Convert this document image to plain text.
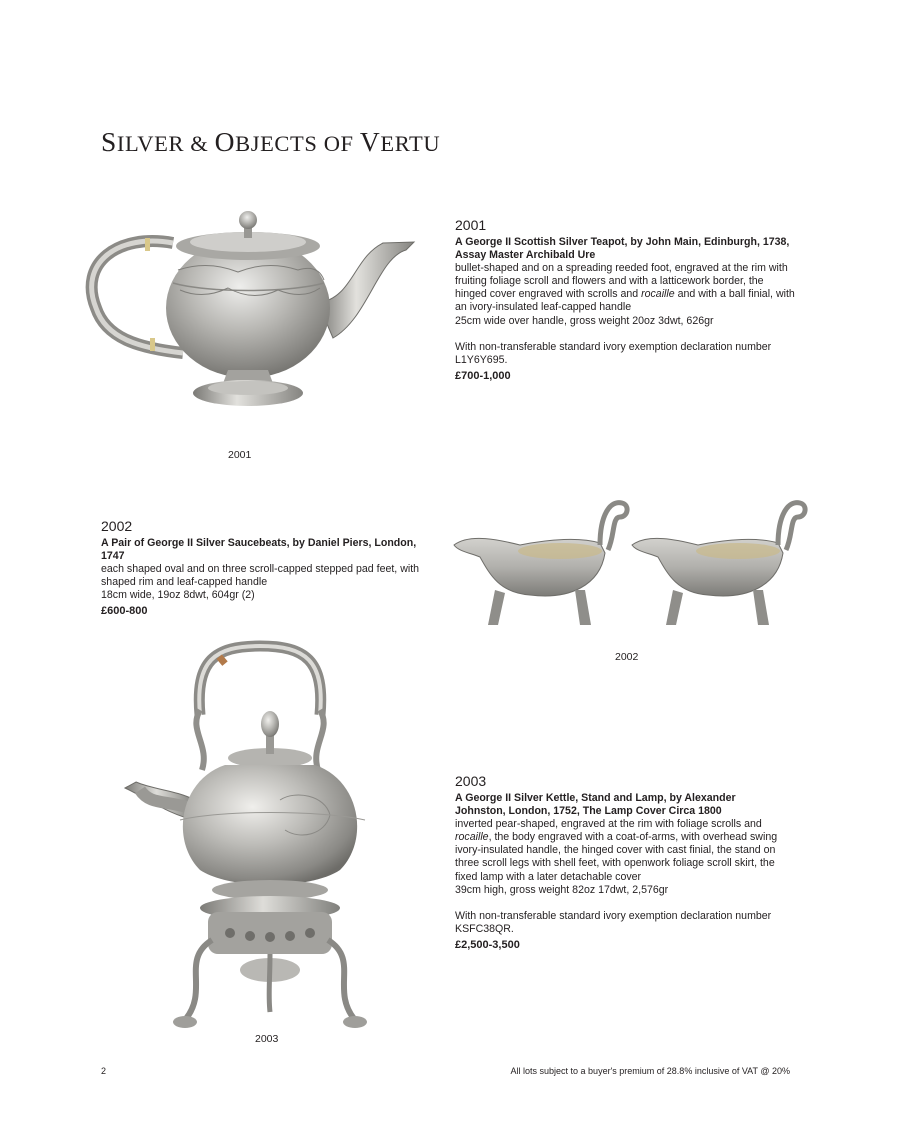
SILVER & OBJECTS OF VERTU
2001
2001
A George II Scottish Silver Teapot, by John Main, Edinburgh, 1738, Assay Master Archibald Ure
bullet-shaped and on a spreading reeded foot, engraved at the rim with fruiting foliage scroll and flowers and with a latticework border, the hinged cover engraved with scrolls and rocaille and with a ball finial, with an ivory-insulated leaf-capped handle
25cm wide over handle, gross weight 20oz 3dwt, 626gr
With non-transferable standard ivory exemption declaration number L1Y6Y695.
£700-1,000
2002
A Pair of George II Silver Saucebeats, by Daniel Piers, London, 1747
each shaped oval and on three scroll-capped stepped pad feet, with shaped rim and leaf-capped handle
18cm wide, 19oz 8dwt, 604gr (2)
£600-800
2002
2003
2003
A George II Silver Kettle, Stand and Lamp, by Alexander Johnston, London, 1752, The Lamp Cover Circa 1800
inverted pear-shaped, engraved at the rim with foliage scrolls and rocaille, the body engraved with a coat-of-arms, with overhead swing ivory-insulated handle, the hinged cover with cast finial, the stand on three scroll legs with shell feet, with openwork foliage scroll skirt, the fixed lamp with a later detachable cover
39cm high, gross weight 82oz 17dwt, 2,576gr
With non-transferable standard ivory exemption declaration number KSFC38QR.
£2,500-3,500
2	All lots subject to a buyer's premium of 28.8% inclusive of VAT @ 20%
